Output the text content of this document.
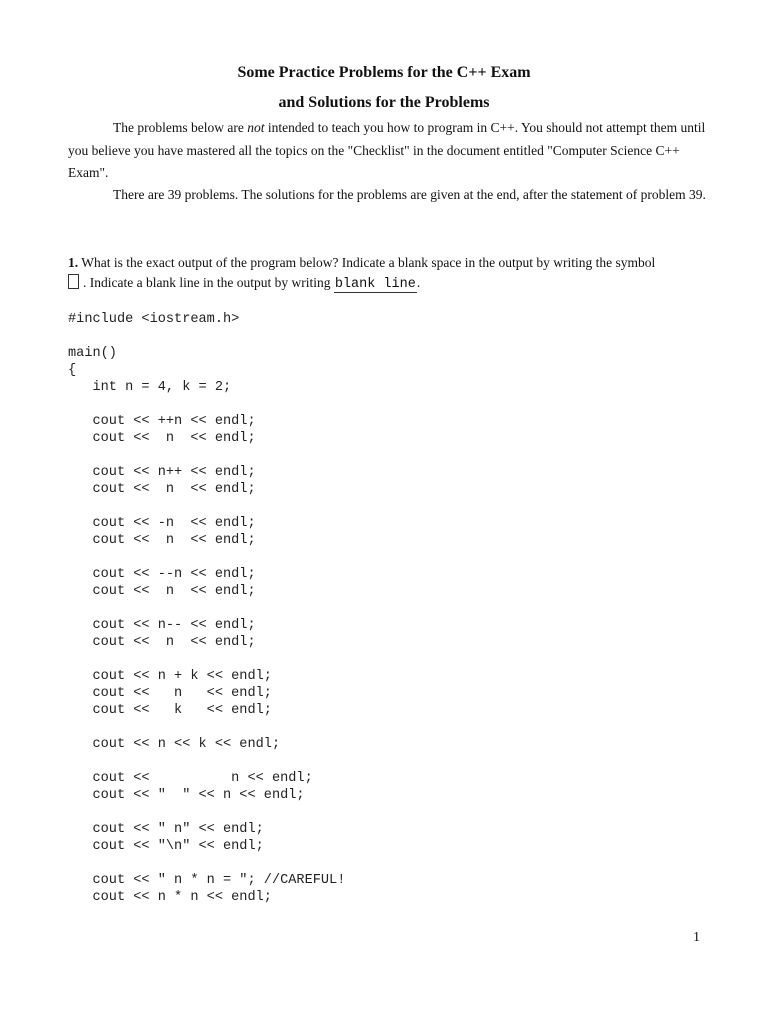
Some Practice Problems for the C++ Exam
and Solutions for the Problems
The problems below are not intended to teach you how to program in C++. You should not attempt them until you believe you have mastered all the topics on the "Checklist" in the document entitled "Computer Science C++ Exam".
There are 39 problems. The solutions for the problems are given at the end, after the statement of problem 39.
1. What is the exact output of the program below? Indicate a blank space in the output by writing the symbol
. Indicate a blank line in the output by writing blank line.
#include <iostream.h>

main()
{
int n = 4, k = 2;

cout << ++n << endl;
cout <<  n  << endl;

cout << n++ << endl;
cout <<  n  << endl;

cout << -n  << endl;
cout <<  n  << endl;

cout << --n << endl;
cout <<  n  << endl;

cout << n-- << endl;
cout <<  n  << endl;

cout << n + k << endl;
cout <<   n   << endl;
cout <<   k   << endl;

cout << n << k << endl;

cout <<          n << endl;
cout << "  " << n << endl;

cout << " n" << endl;
cout << "\n" << endl;

cout << " n * n = "; //CAREFUL!
cout << n * n << endl;
1
